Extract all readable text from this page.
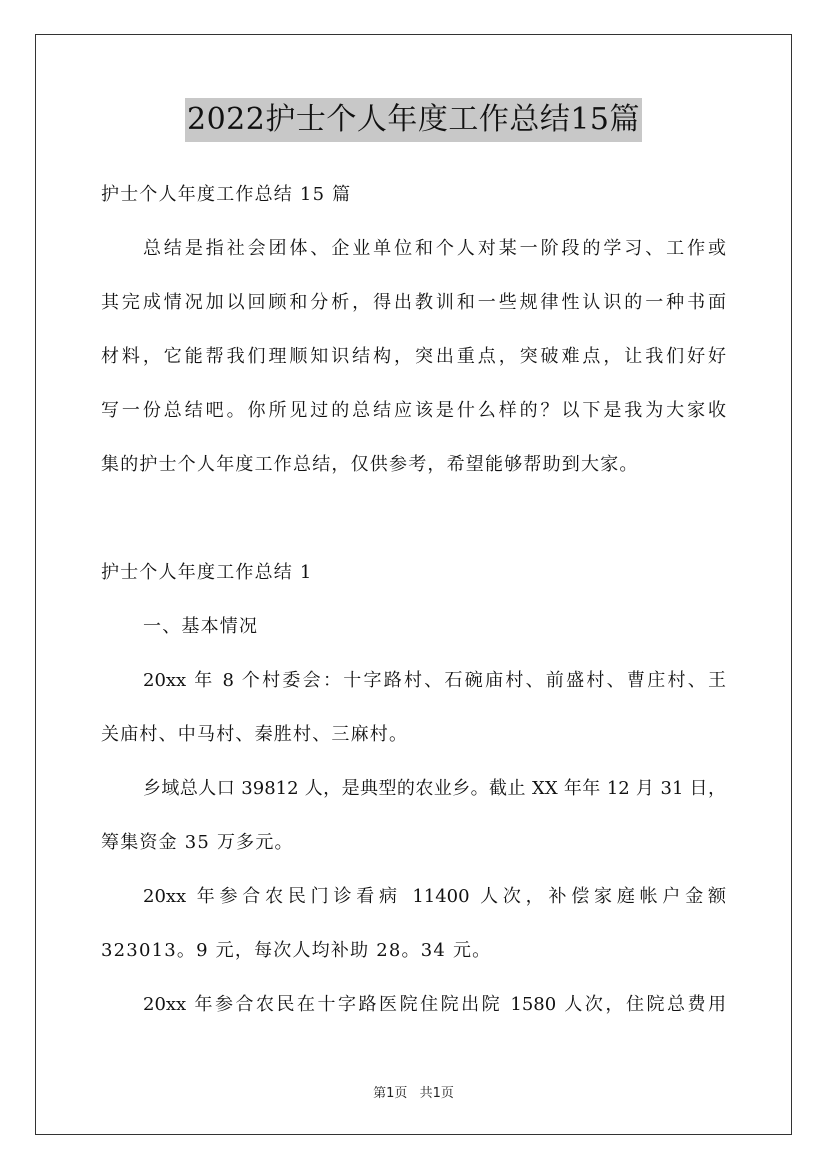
2022护士个人年度工作总结15篇
护士个人年度工作总结 15 篇
总结是指社会团体、企业单位和个人对某一阶段的学习、工作或
其完成情况加以回顾和分析，得出教训和一些规律性认识的一种书面
材料，它能帮我们理顺知识结构，突出重点，突破难点，让我们好好
写一份总结吧。你所见过的总结应该是什么样的？以下是我为大家收
集的护士个人年度工作总结，仅供参考，希望能够帮助到大家。
护士个人年度工作总结 1
一、基本情况
20xx 年 8 个村委会：十字路村、石碗庙村、前盛村、曹庄村、王
关庙村、中马村、秦胜村、三麻村。
乡域总人口 39812 人，是典型的农业乡。截止 XX 年年 12 月 31 日，
筹集资金 35 万多元。
20xx 年参合农民门诊看病 11400 人次，补偿家庭帐户金额
323013。9 元，每次人均补助 28。34 元。
20xx 年参合农民在十字路医院住院出院 1580 人次，住院总费用
第1页 共1页
